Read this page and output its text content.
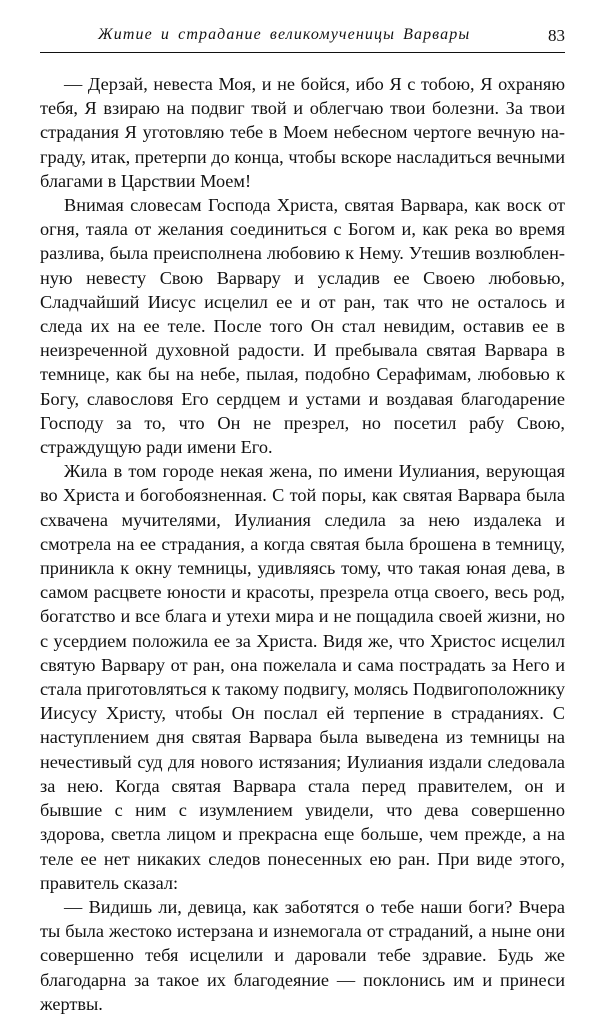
Житие и страдание великомученицы Варвары	83

— Дерзай, невеста Моя, и не бойся, ибо Я с тобою, Я охраняю тебя, Я взираю на подвиг твой и облегчаю твои болезни. За твои страдания Я уготовляю тебе в Моем небесном чертоге вечную награду, итак, претерпи до конца, чтобы вскоре насладиться вечными благами в Царствии Моем!

Внимая словесам Господа Христа, святая Варвара, как воск от огня, таяла от желания соединиться с Богом и, как река во время разлива, была преисполнена любовию к Нему. Утешив возлюбленную невесту Свою Варвару и усладив ее Своею любовью, Сладчайший Иисус исцелил ее и от ран, так что не осталось и следа их на ее теле. После того Он стал невидим, оставив ее в неизреченной духовной радости. И пребывала святая Варвара в темнице, как бы на небе, пылая, подобно Серафимам, любовью к Богу, славословя Его сердцем и устами и воздавая благодарение Господу за то, что Он не презрел, но посетил рабу Свою, страждущую ради имени Его.

Жила в том городе некая жена, по имени Иулиания, верующая во Христа и богобоязненная. С той поры, как святая Варвара была схвачена мучителями, Иулиания следила за нею издалека и смотрела на ее страдания, а когда святая была брошена в темницу, приникла к окну темницы, удивляясь тому, что такая юная дева, в самом расцвете юности и красоты, презрела отца своего, весь род, богатство и все блага и утехи мира и не пощадила своей жизни, но с усердием положила ее за Христа. Видя же, что Христос исцелил святую Варвару от ран, она пожелала и сама пострадать за Него и стала приготовляться к такому подвигу, молясь Подвигоположнику Иисусу Христу, чтобы Он послал ей терпение в страданиях. С наступлением дня святая Варвара была выведена из темницы на нечестивый суд для нового истязания; Иулиания издали следовала за нею. Когда святая Варвара стала перед правителем, он и бывшие с ним с изумлением увидели, что дева совершенно здорова, светла лицом и прекрасна еще больше, чем прежде, а на теле ее нет никаких следов понесенных ею ран. При виде этого, правитель сказал:

— Видишь ли, девица, как заботятся о тебе наши боги? Вчера ты была жестоко истерзана и изнемогала от страданий, а ныне они совершенно тебя исцелили и даровали тебе здравие. Будь же благодарна за такое их благодеяние — поклонись им и принеси жертвы.
